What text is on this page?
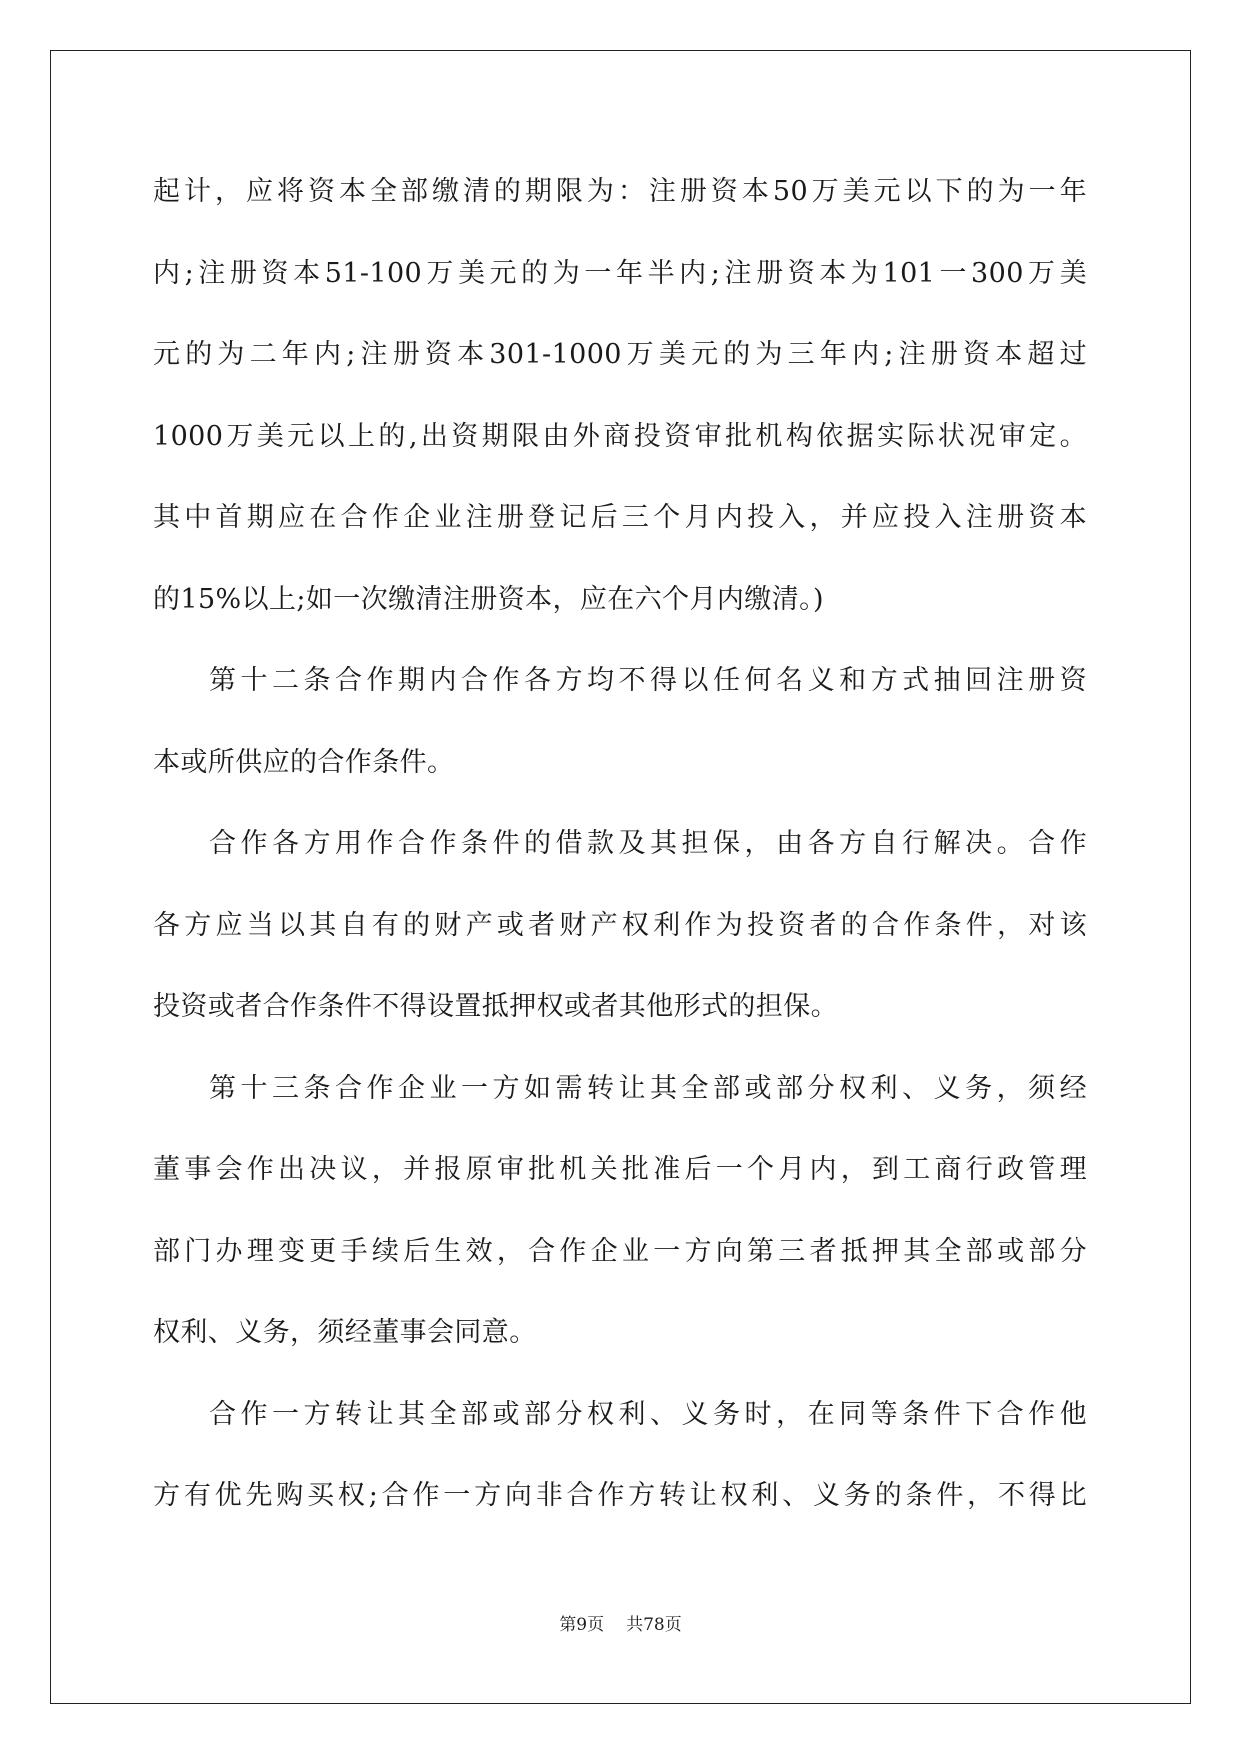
起计，应将资本全部缴清的期限为：注册资本50万美元以下的为一年
内;注册资本51-100万美元的为一年半内;注册资本为101一300万美
元的为二年内;注册资本301-1000万美元的为三年内;注册资本超过
1000万美元以上的,出资期限由外商投资审批机构依据实际状况审定。
其中首期应在合作企业注册登记后三个月内投入，并应投入注册资本
的15%以上;如一次缴清注册资本，应在六个月内缴清。)
第十二条合作期内合作各方均不得以任何名义和方式抽回注册资
本或所供应的合作条件。
合作各方用作合作条件的借款及其担保，由各方自行解决。合作
各方应当以其自有的财产或者财产权利作为投资者的合作条件，对该
投资或者合作条件不得设置抵押权或者其他形式的担保。
第十三条合作企业一方如需转让其全部或部分权利、义务，须经
董事会作出决议，并报原审批机关批准后一个月内，到工商行政管理
部门办理变更手续后生效，合作企业一方向第三者抵押其全部或部分
权利、义务，须经董事会同意。
合作一方转让其全部或部分权利、义务时，在同等条件下合作他
方有优先购买权;合作一方向非合作方转让权利、义务的条件，不得比
第9页 共78页
